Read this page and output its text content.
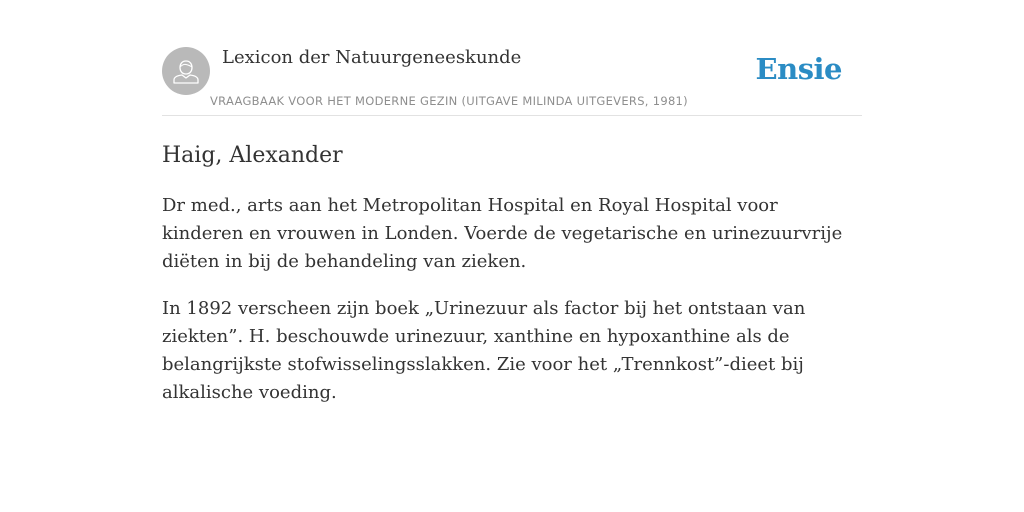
Lexicon der Natuurgeneeskunde
VRAAGBAAK VOOR HET MODERNE GEZIN (UITGAVE MILINDA UITGEVERS, 1981)
Ensie
Haig, Alexander

Dr med., arts aan het Metropolitan Hospital en Royal Hospital voor kinderen en vrouwen in Londen. Voerde de vegetarische en urinezuurvrije diëten in bij de behandeling van zieken.

In 1892 verscheen zijn boek „Urinezuur als factor bij het ontstaan van ziekten”. H. beschouwde urinezuur, xanthine en hypoxanthine als de belangrijkste stofwisselingsslakken. Zie voor het „Trennkost”-dieet bij alkalische voeding.
